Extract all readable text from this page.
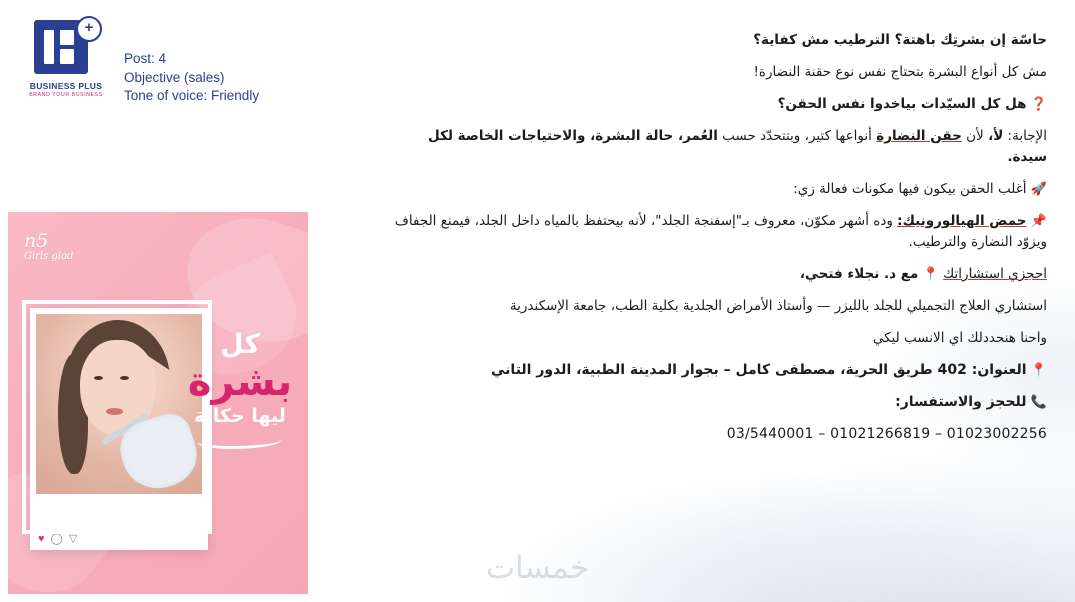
+
BUSINESS PLUS
BRAND YOUR BUSINESS
Post: 4
Objective (sales)
Tone of voice: Friendly

حاسّة إن بشرتِك باهتة؟ الترطيب مش كفاية؟

مش كل أنواع البشرة بتحتاج نفس نوع حقنة النضارة!

❓ هل كل السيّدات بياخدوا نفس الحقن؟

الإجابة: لأ، لأن حقن النضارة أنواعها كتير، وبتتحدّد حسب العُمر، حالة البشرة، والاحتياجات الخاصة لكل سيدة.

🚀 أغلب الحقن بيكون فيها مكونات فعالة زي:

📌 حمض الهيالورونيك: وده أشهر مكوّن، معروف بـ"إسفنجة الجلد"، لأنه بيحتفظ بالمياه داخل الجلد، فيمنع الجفاف ويزوّد النضارة والترطيب.

احجزي استشاراتك 📍 مع د. نجلاء فتحي،

استشاري العلاج التجميلي للجلد بالليزر — وأستاذ الأمراض الجلدية بكلية الطب، جامعة الإسكندرية

واحنا هنحددلك اي الانسب ليكي

📍 العنوان: 402 طريق الحرية، مصطفى كامل – بجوار المدينة الطبية، الدور التاني

📞 للحجز والاستفسار:

03/5440001 – 01021266819 – 01023002256

n5
Girls glad
♥◯▽
كل
بشرة
ليها حكاية
خمسات
